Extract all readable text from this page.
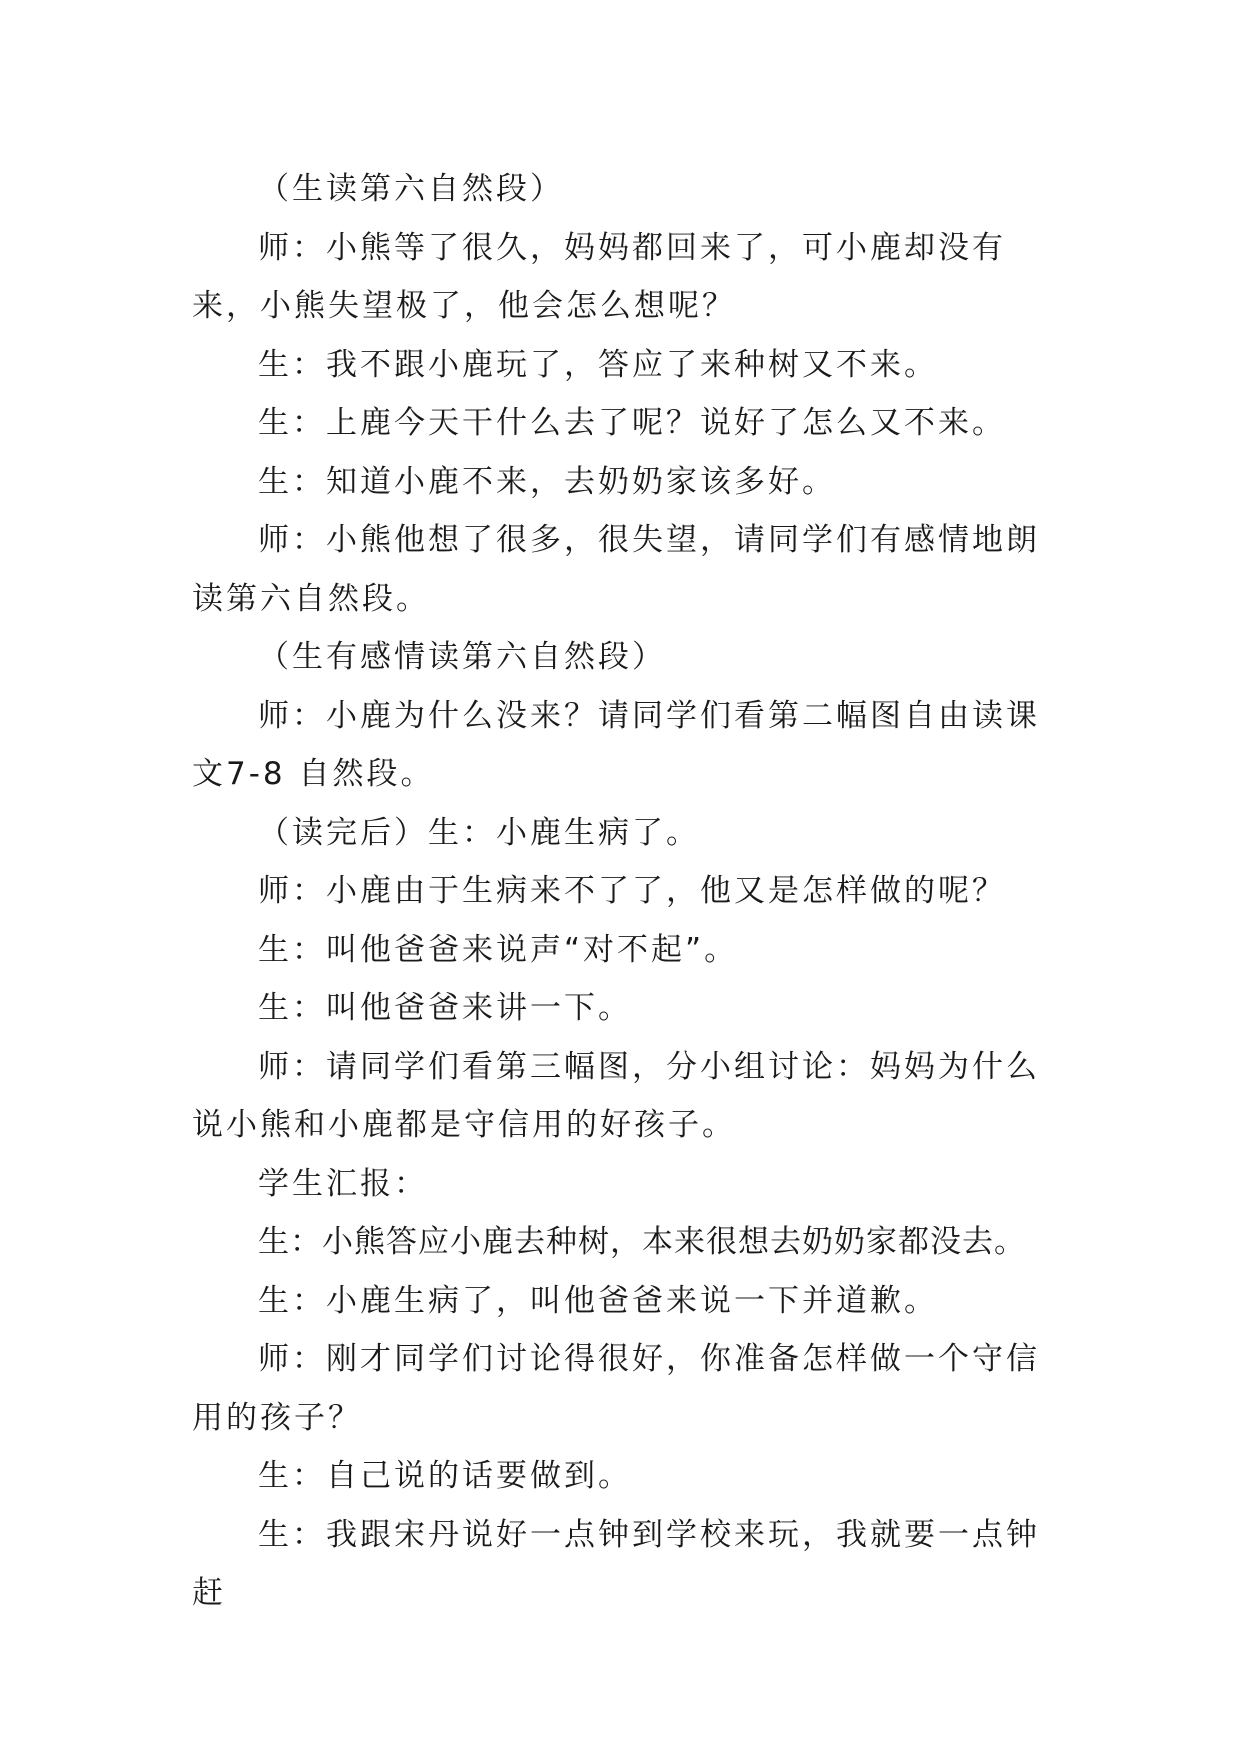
（生读第六自然段）

师：小熊等了很久，妈妈都回来了，可小鹿却没有来，小熊失望极了，他会怎么想呢？

生：我不跟小鹿玩了，答应了来种树又不来。

生：上鹿今天干什么去了呢？说好了怎么又不来。

生：知道小鹿不来，去奶奶家该多好。

师：小熊他想了很多，很失望，请同学们有感情地朗读第六自然段。

（生有感情读第六自然段）

师：小鹿为什么没来？请同学们看第二幅图自由读课文7-8 自然段。

（读完后）生：小鹿生病了。

师：小鹿由于生病来不了了，他又是怎样做的呢？

生：叫他爸爸来说声“对不起”。

生：叫他爸爸来讲一下。

师：请同学们看第三幅图，分小组讨论：妈妈为什么说小熊和小鹿都是守信用的好孩子。

学生汇报：

生：小熊答应小鹿去种树，本来很想去奶奶家都没去。

生：小鹿生病了，叫他爸爸来说一下并道歉。

师：刚才同学们讨论得很好，你准备怎样做一个守信用的孩子？

生：自己说的话要做到。

生：我跟宋丹说好一点钟到学校来玩，我就要一点钟赶
